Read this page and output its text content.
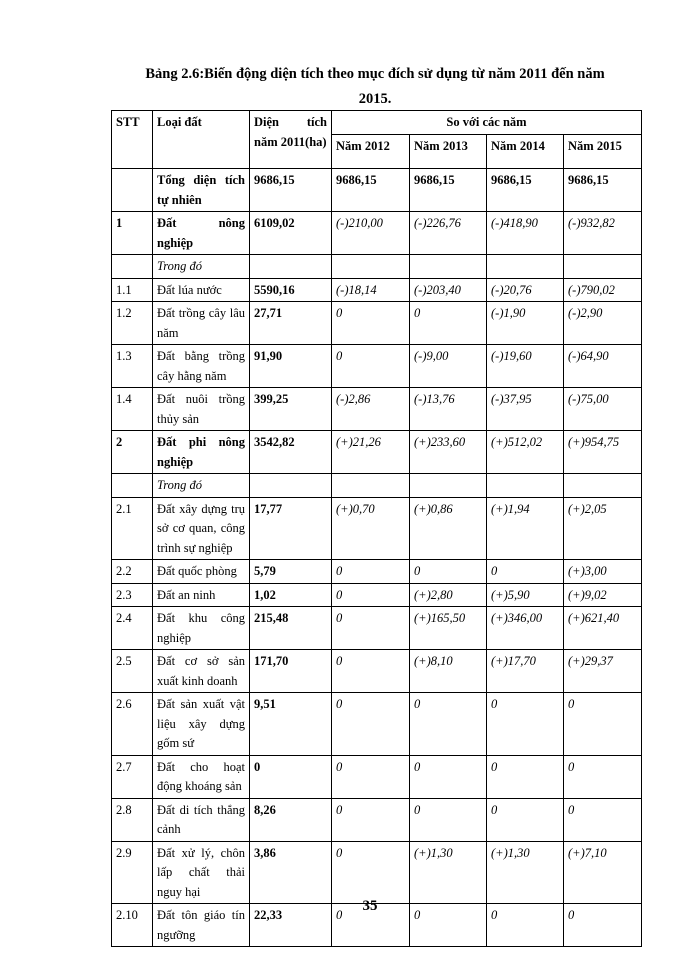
Bảng 2.6:Biến động diện tích theo mục đích sử dụng từ năm 2011 đến năm
2015.
STT	Loại đất	Diện tích năm 2011(ha)	So với các năm			
			Năm 2012	Năm 2013	Năm 2014	Năm 2015
	Tổng diện tích tự nhiên	9686,15	9686,15	9686,15	9686,15	9686,15
1	Đất nông nghiệp	6109,02	(-)210,00	(-)226,76	(-)418,90	(-)932,82
	Trong đó					
1.1	Đất lúa nước	5590,16	(-)18,14	(-)203,40	(-)20,76	(-)790,02
1.2	Đất trồng cây lâu năm	27,71	0	0	(-)1,90	(-)2,90
1.3	Đất bằng trồng cây hằng năm	91,90	0	(-)9,00	(-)19,60	(-)64,90
1.4	Đất nuôi trồng thủy sản	399,25	(-)2,86	(-)13,76	(-)37,95	(-)75,00
2	Đất phi nông nghiệp	3542,82	(+)21,26	(+)233,60	(+)512,02	(+)954,75
	Trong đó					
2.1	Đất xây dựng trụ sở cơ quan, công trình sự nghiệp	17,77	(+)0,70	(+)0,86	(+)1,94	(+)2,05
2.2	Đất quốc phòng	5,79	0	0	0	(+)3,00
2.3	Đất an ninh	1,02	0	(+)2,80	(+)5,90	(+)9,02
2.4	Đất khu công nghiệp	215,48	0	(+)165,50	(+)346,00	(+)621,40
2.5	Đất cơ sở sản xuất kinh doanh	171,70	0	(+)8,10	(+)17,70	(+)29,37
2.6	Đất sản xuất vật liệu xây dựng gốm sứ	9,51	0	0	0	0
2.7	Đất cho hoạt động khoáng sản	0	0	0	0	0
2.8	Đất di tích thắng cảnh	8,26	0	0	0	0
2.9	Đất xử lý, chôn lấp chất thải nguy hại	3,86	0	(+)1,30	(+)1,30	(+)7,10
2.10	Đất tôn giáo tín ngưỡng	22,33	0	0	0	0
35
